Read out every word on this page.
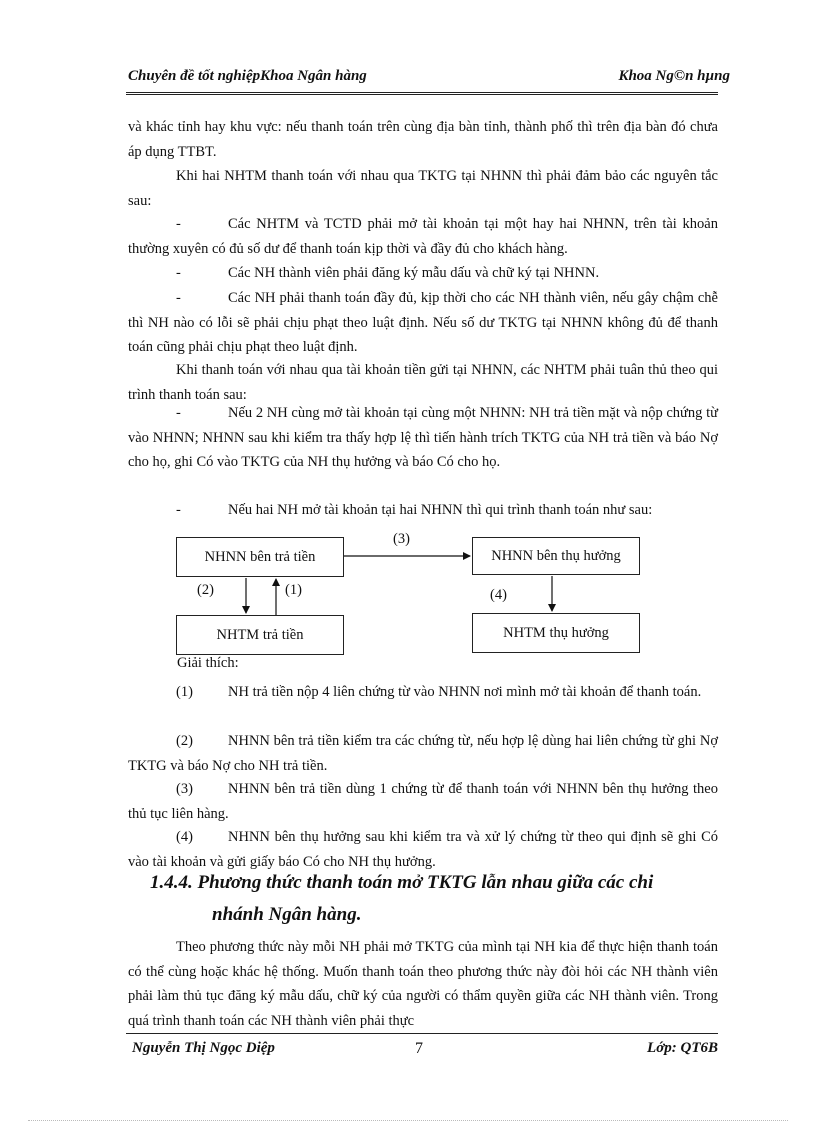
Chuyên đề tốt nghiệpKhoa Ngân hàng	Khoa Ng©n hµng

và khác tỉnh hay khu vực: nếu thanh toán trên cùng địa bàn tỉnh, thành phố thì trên địa bàn đó chưa áp dụng TTBT.

Khi hai NHTM thanh toán với nhau qua TKTG tại NHNN thì phải đảm bảo các nguyên tắc sau:

-	Các NHTM và TCTD phải mở tài khoản tại một hay hai NHNN, trên tài khoản thường xuyên có đủ số dư để thanh toán kịp thời và đầy đủ cho khách hàng.

-	Các NH thành viên phải đăng ký mẫu dấu và chữ ký tại NHNN.
-	Các NH phải thanh toán đầy đủ, kịp thời cho các NH thành viên, nếu gây chậm chễ thì NH nào có lỗi sẽ phải chịu phạt theo luật định. Nếu số dư TKTG tại NHNN không đủ để thanh toán cũng phải chịu phạt theo luật định.

Khi thanh toán với nhau qua tài khoản tiền gửi tại NHNN, các NHTM phải tuân thủ theo qui trình thanh toán sau:

-	Nếu 2 NH cùng mở tài khoản tại cùng một NHNN: NH trả tiền mặt và nộp chứng từ vào NHNN; NHNN sau khi kiểm tra thấy hợp lệ thì tiến hành trích TKTG của NH trả tiền và báo Nợ cho họ, ghi Có vào TKTG của NH thụ hưởng và báo Có cho họ.

-	Nếu hai NH mở tài khoản tại hai NHNN thì qui trình thanh toán như sau:
NHNN bên trả tiền	NHNN bên thụ hưởng
NHTM trả tiền	NHTM thụ hưởng
(3)
(2)	(1)	(4)
Giải thích:

(1) NH trả tiền nộp 4 liên chứng từ vào NHNN nơi mình mở tài khoản để thanh toán.

(2) NHNN bên trả tiền kiểm tra các chứng từ, nếu hợp lệ dùng hai liên chứng từ ghi Nợ TKTG và báo Nợ cho NH trả tiền.

(3) NHNN bên trả tiền dùng 1 chứng từ để thanh toán với NHNN bên thụ hưởng theo thủ tục liên hàng.

(4) NHNN bên thụ hưởng sau khi kiểm tra và xử lý chứng từ theo qui định sẽ ghi Có vào tài khoản và gửi giấy báo Có cho NH thụ hưởng.

1.4.4. Phương thức thanh toán mở TKTG lẫn nhau giữa các chi
nhánh Ngân hàng.

Theo phương thức này mỗi NH phải mở TKTG của mình tại NH kia để thực hiện thanh toán có thể cùng hoặc khác hệ thống. Muốn thanh toán theo phương thức này đòi hỏi các NH thành viên phải làm thủ tục đăng ký mẫu dấu, chữ ký của người có thẩm quyền giữa các NH thành viên. Trong quá trình thanh toán các NH thành viên phải thực

Nguyễn Thị Ngọc Diệp	7	Lớp: QT6B
